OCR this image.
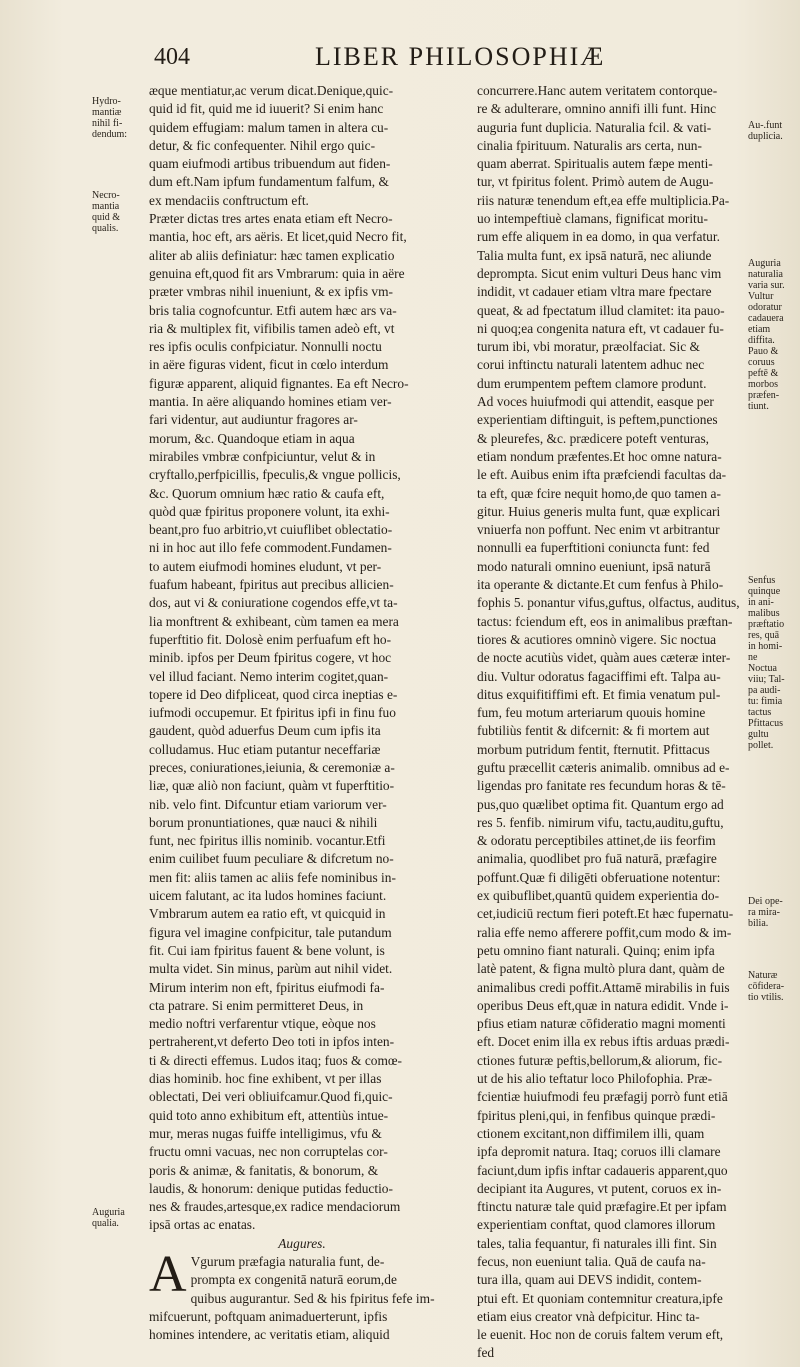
404	LIBER PHILOSOPHIÆ
Hydro-
mantiæ
nihil fi-
dendum:
Necro-
mantia
quid &
qualis.
Auguria
qualia.
Au-.funt
duplicia.
Auguria
naturalia
varia sur.
Vultur
odoratur
cadauera
etiam
diffita.
Pauo &
coruus
peftē &
morbos
præfen-
tiunt.
Senfus
quinque
in ani-
malibus
præftatio
res, quā
in homi-
ne
Noctua
viiu; Tal-
pa audi-
tu: fimia
tactus
Pfittacus
gultu
pollet.
Dei ope-
ra mira-
bilia.
Naturæ
cōfidera-
tio vtilis.
æque mentiatur,ac verum dicat.Denique,quic-
quid id fit, quid me id iuuerit? Si enim hanc
quidem effugiam: malum tamen in altera cu-
detur, & fic confequenter. Nihil ergo quic-
quam eiufmodi artibus tribuendum aut fiden-
dum eft.Nam ipfum fundamentum falfum, &
ex mendaciis conftructum eft.
Præter dictas tres artes enata etiam eft Necro-
mantia, hoc eft, ars aëris. Et licet,quid Necro fit,
aliter ab aliis definiatur: hæc tamen explicatio
genuina eft,quod fit ars Vmbrarum: quia in aëre
præter vmbras nihil inueniunt, & ex ipfis vm-
bris talia cognofcuntur. Etfi autem hæc ars va-
ria & multiplex fit, vifibilis tamen adeò eft, vt
res ipfis oculis confpiciatur. Nonnulli noctu
in aëre figuras vident, ficut in cœlo interdum
figuræ apparent, aliquid fignantes. Ea eft Necro-
mantia. In aëre aliquando homines etiam ver-
fari videntur, aut audiuntur fragores ar-
morum, &c. Quandoque etiam in aqua
mirabiles vmbræ confpiciuntur, velut & in
cryftallo,perfpicillis, fpeculis,& vngue pollicis,
&c. Quorum omnium hæc ratio & caufa eft,
quòd quæ fpiritus proponere volunt, ita exhi-
beant,pro fuo arbitrio,vt cuiuflibet oblectatio-
ni in hoc aut illo fefe commodent.Fundamen-
to autem eiufmodi homines eludunt, vt per-
fuafum habeant, fpiritus aut precibus allicien-
dos, aut vi & coniuratione cogendos effe,vt ta-
lia monftrent & exhibeant, cùm tamen ea mera
fuperftitio fit. Dolosè enim perfuafum eft ho-
minib. ipfos per Deum fpiritus cogere, vt hoc
vel illud faciant. Nemo interim cogitet,quan-
topere id Deo difpliceat, quod circa ineptias e-
iufmodi occupemur. Et fpiritus ipfi in finu fuo
gaudent, quòd aduerfus Deum cum ipfis ita
colludamus. Huc etiam putantur neceffariæ
preces, coniurationes,ieiunia, & ceremoniæ a-
liæ, quæ aliò non faciunt, quàm vt fuperftitio-
nib. velo fint. Difcuntur etiam variorum ver-
borum pronuntiationes, quæ nauci & nihili
funt, nec fpiritus illis nominib. vocantur.Etfi
enim cuilibet fuum peculiare & difcretum no-
men fit: aliis tamen ac aliis fefe nominibus in-
uicem falutant, ac ita ludos homines faciunt.
Vmbrarum autem ea ratio eft, vt quicquid in
figura vel imagine confpicitur, tale putandum
fit. Cui iam fpiritus fauent & bene volunt, is
multa videt. Sin minus, parùm aut nihil videt.
Mirum interim non eft, fpiritus eiufmodi fa-
cta patrare. Si enim permitteret Deus, in
medio noftri verfarentur vtique, eòque nos
pertraherent,vt deferto Deo toti in ipfos inten-
ti & directi effemus. Ludos itaq; fuos & comœ-
dias hominib. hoc fine exhibent, vt per illas
oblectati, Dei veri obliuifcamur.Quod fi,quic-
quid toto anno exhibitum eft, attentiùs intue-
mur, meras nugas fuiffe intelligimus, vfu &
fructu omni vacuas, nec non corruptelas cor-
poris & animæ, & fanitatis, & bonorum, &
laudis, & honorum: denique putidas feductio-
nes & fraudes,artesque,ex radice mendaciorum
ipsā ortas ac enatas.
Augures.
A Vgurum præfagia naturalia funt, de-
prompta ex congenitā naturā eorum,de
quibus augurantur. Sed & his fpiritus fefe im-
mifcuerunt, poftquam animaduerterunt, ipfis
homines intendere, ac veritatis etiam, aliquid
concurrere.Hanc autem veritatem contorque-
re & adulterare, omnino annifi illi funt. Hinc
auguria funt duplicia. Naturalia fcil. & vati-
cinalia fpirituum. Naturalis ars certa, nun-
quam aberrat. Spiritualis autem fæpe menti-
tur, vt fpiritus folent. Primò autem de Augu-
riis naturæ tenendum eft,ea effe multiplicia.Pa-
uo intempeftiuè clamans, fignificat moritu-
rum effe aliquem in ea domo, in qua verfatur.
Talia multa funt, ex ipsā naturā, nec aliunde
deprompta. Sicut enim vulturi Deus hanc vim
indidit, vt cadauer etiam vltra mare fpectare
queat, & ad fpectatum illud clamitet: ita pauo-
ni quoq;ea congenita natura eft, vt cadauer fu-
turum ibi, vbi moratur, præolfaciat. Sic &
corui inftinctu naturali latentem adhuc nec
dum erumpentem peftem clamore produnt.
Ad voces huiufmodi qui attendit, easque per
experientiam diftinguit, is peftem,punctiones
& pleurefes, &c. prædicere poteft venturas,
etiam nondum præfentes.Et hoc omne natura-
le eft. Auibus enim ifta præfciendi facultas da-
ta eft, quæ fcire nequit homo,de quo tamen a-
gitur. Huius generis multa funt, quæ explicari
vniuerfa non poffunt. Nec enim vt arbitrantur
nonnulli ea fuperftitioni coniuncta funt: fed
modo naturali omnino eueniunt, ipsā naturā
ita operante & dictante.Et cum fenfus à Philo-
fophis 5. ponantur vifus,guftus, olfactus, auditus,
tactus: fciendum eft, eos in animalibus præftan-
tiores & acutiores omninò vigere. Sic noctua
de nocte acutiùs videt, quàm aues cæteræ inter-
diu. Vultur odoratus fagaciffimi eft. Talpa au-
ditus exquifitiffimi eft. Et fimia venatum pul-
fum, feu motum arteriarum quouis homine
fubtiliùs fentit & difcernit: & fi mortem aut
morbum putridum fentit, fternutit. Pfittacus
guftu præcellit cæteris animalib. omnibus ad e-
ligendas pro fanitate res fecundum horas & tē-
pus,quo quælibet optima fit. Quantum ergo ad
res 5. fenfib. nimirum vifu, tactu,auditu,guftu,
& odoratu perceptibiles attinet,de iis feorfim
animalia, quodlibet pro fuā naturā, præfagire
poffunt.Quæ fi diligēti obferuatione notentur:
ex quibuflibet,quantū quidem experientia do-
cet,iudiciū rectum fieri poteft.Et hæc fupernatu-
ralia effe nemo afferere poffit,cum modo & im-
petu omnino fiant naturali. Quinq; enim ipfa
latè patent, & figna multò plura dant, quàm de
animalibus credi poffit.Attamē mirabilis in fuis
operibus Deus eft,quæ in natura edidit. Vnde i-
pfius etiam naturæ cōfideratio magni momenti
eft. Docet enim illa ex rebus iftis arduas prædi-
ctiones futuræ peftis,bellorum,& aliorum, fic-
ut de his alio teftatur loco Philofophia. Præ-
fcientiæ huiufmodi feu præfagij porrò funt etiā
fpiritus pleni,qui, in fenfibus quinque prædi-
ctionem excitant,non diffimilem illi, quam
ipfa depromit natura. Itaq; coruos illi clamare
faciunt,dum ipfis inftar cadaueris apparent,quo
decipiant ita Augures, vt putent, coruos ex in-
ftinctu naturæ tale quid præfagire.Et per ipfam
experientiam conftat, quod clamores illorum
tales, talia fequantur, fi naturales illi fint. Sin
fecus, non eueniunt talia. Quā de caufa na-
tura illa, quam aui DEVS indidit, contem-
ptui eft. Et quoniam contemnitur creatura,ipfe
etiam eius creator vnà defpicitur. Hinc ta-
le euenit. Hoc non de coruis faltem verum eft,
fed
